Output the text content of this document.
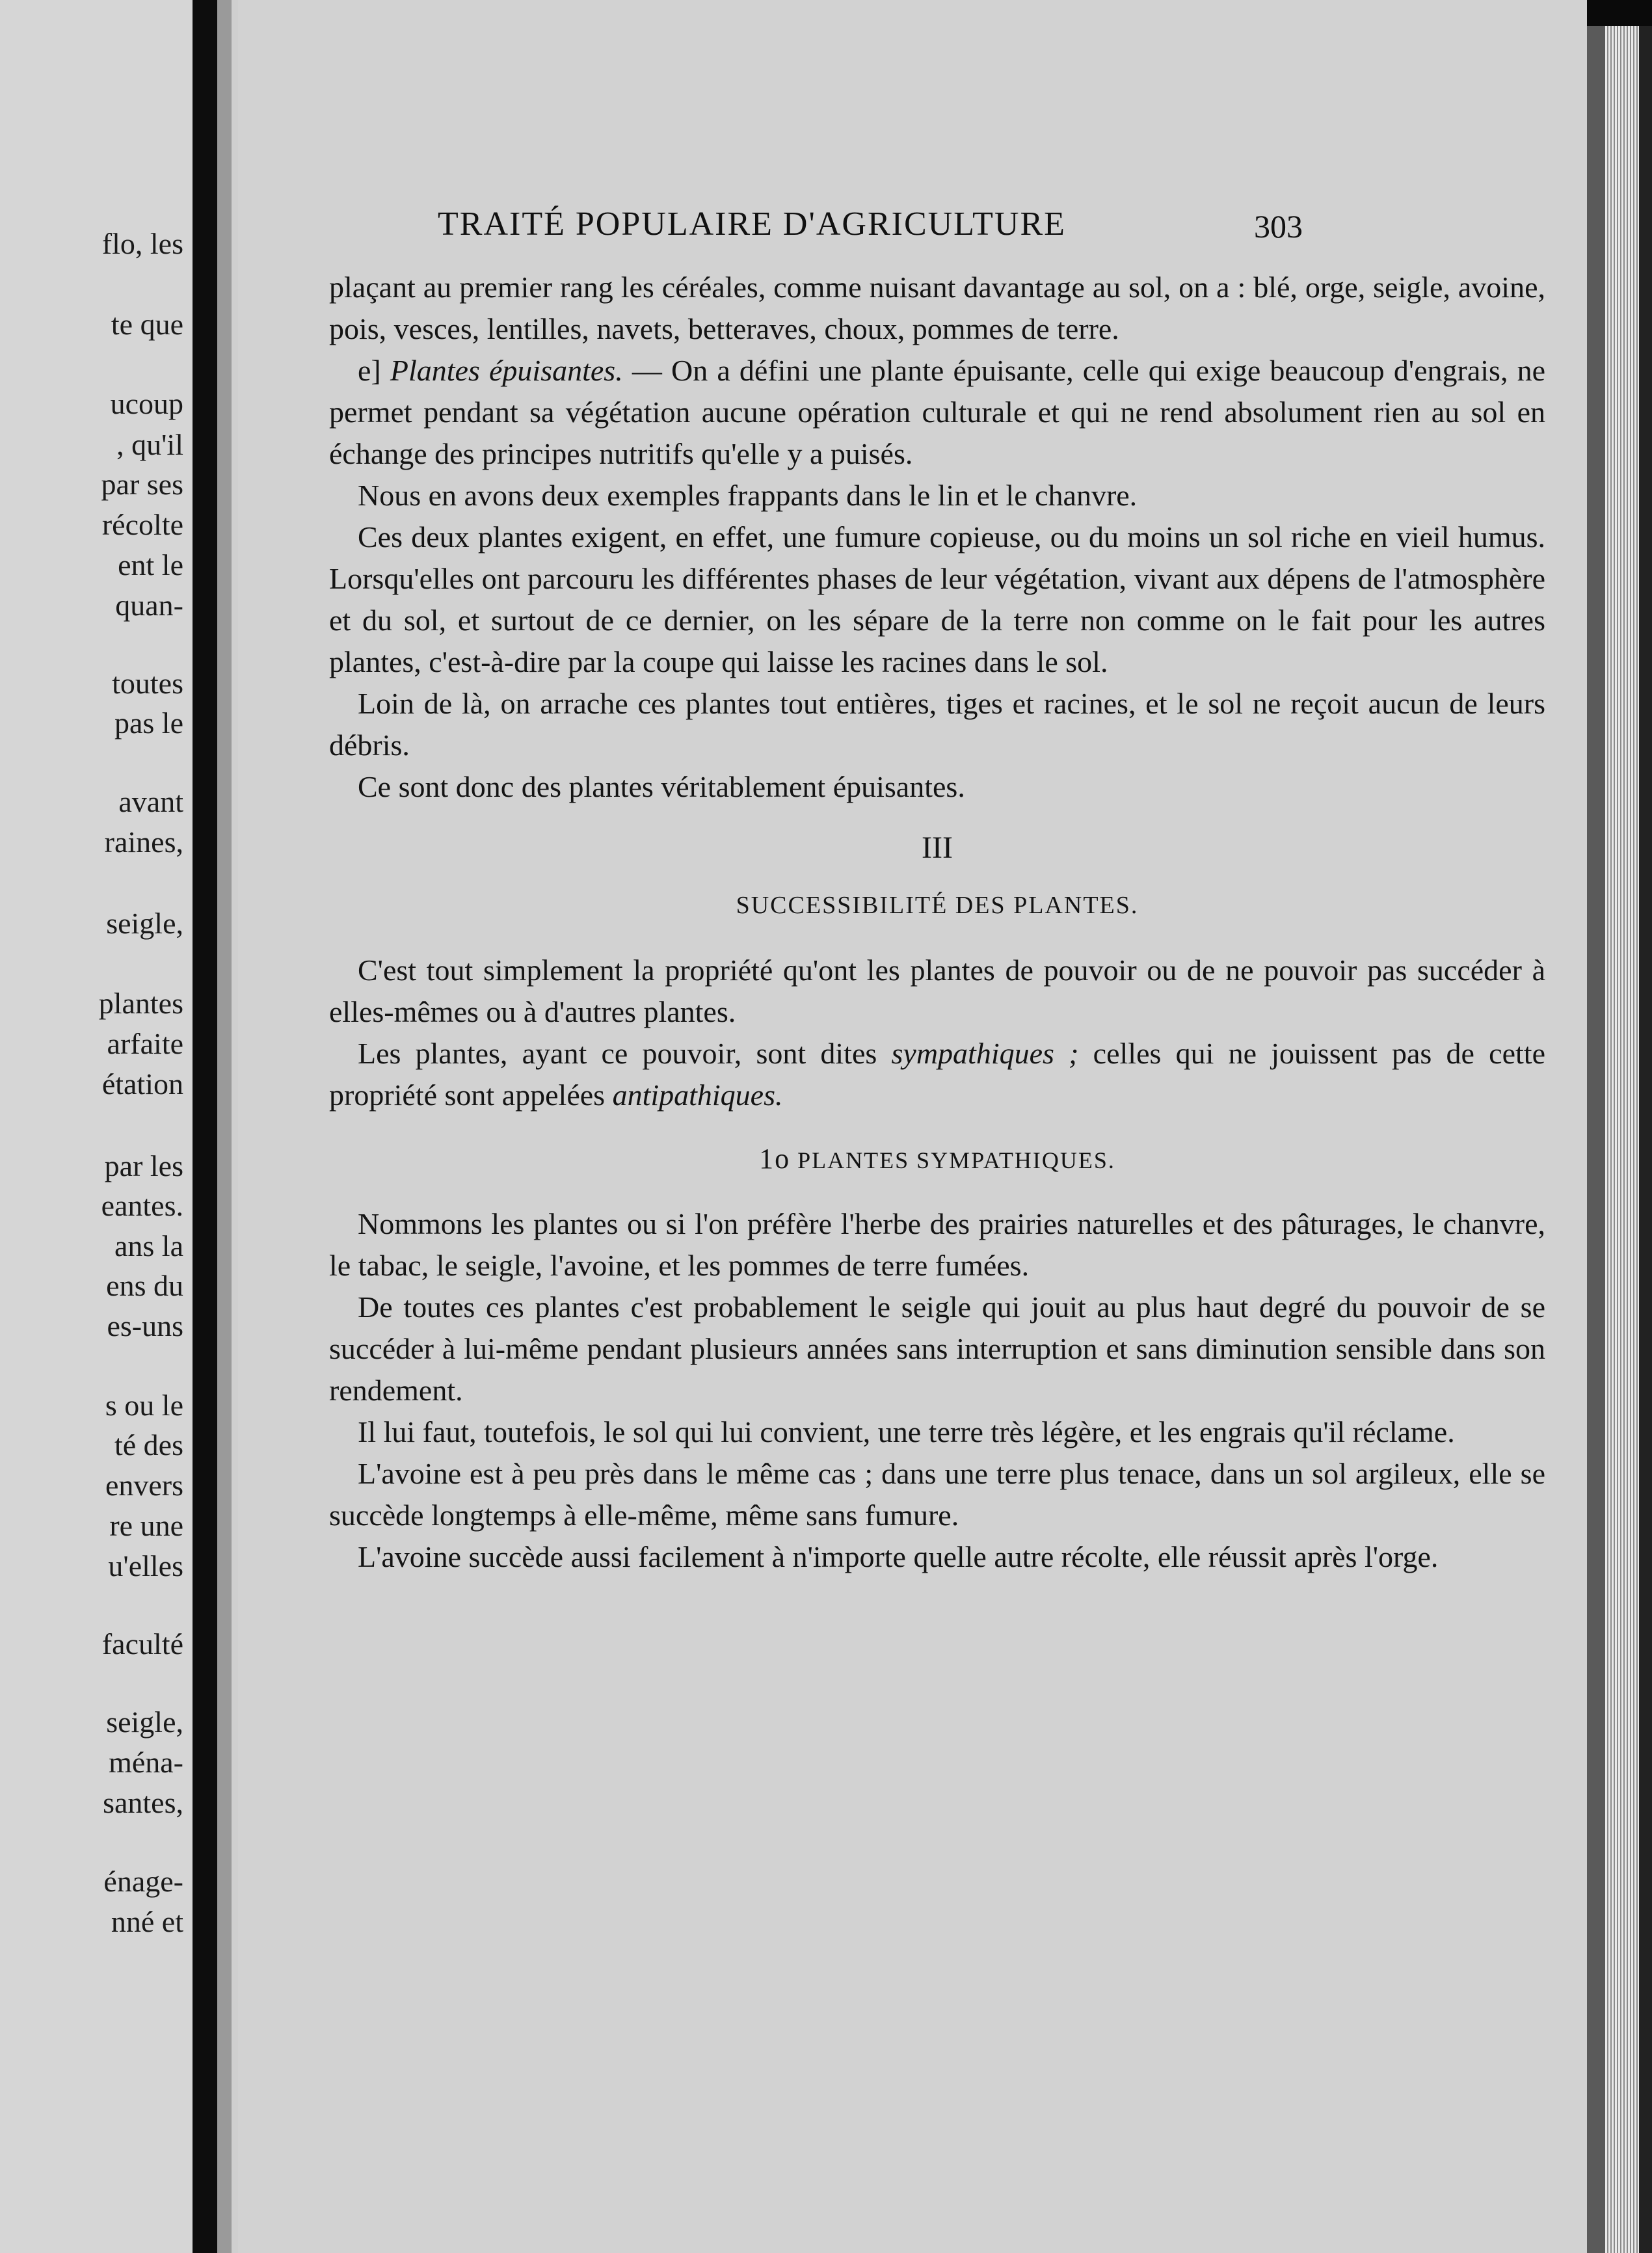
flo, les
te que
ucoup
, qu'il
par ses
récolte
ent le
quan-
toutes
pas le
avant
raines,
seigle,
plantes
arfaite
étation
par les
eantes.
ans la
ens du
es-uns
s ou le
té des
envers
re une
u'elles
faculté
seigle,
ména-
santes,
énage-
nné et
TRAITÉ POPULAIRE D'AGRICULTURE	303

plaçant au premier rang les céréales, comme nuisant davantage au sol, on a : blé, orge, seigle, avoine, pois, vesces, lentilles, navets, betteraves, choux, pommes de terre.

e] Plantes épuisantes. — On a défini une plante épuisante, celle qui exige beaucoup d'engrais, ne permet pendant sa végétation aucune opération culturale et qui ne rend absolument rien au sol en échange des principes nutritifs qu'elle y a puisés.

Nous en avons deux exemples frappants dans le lin et le chanvre.

Ces deux plantes exigent, en effet, une fumure copieuse, ou du moins un sol riche en vieil humus. Lorsqu'elles ont parcouru les différentes phases de leur végétation, vivant aux dépens de l'atmosphère et du sol, et surtout de ce dernier, on les sépare de la terre non comme on le fait pour les autres plantes, c'est-à-dire par la coupe qui laisse les racines dans le sol.

Loin de là, on arrache ces plantes tout entières, tiges et racines, et le sol ne reçoit aucun de leurs débris.

Ce sont donc des plantes véritablement épuisantes.

III
SUCCESSIBILITÉ DES PLANTES.

C'est tout simplement la propriété qu'ont les plantes de pouvoir ou de ne pouvoir pas succéder à elles-mêmes ou à d'autres plantes.

Les plantes, ayant ce pouvoir, sont dites sympathiques ; celles qui ne jouissent pas de cette propriété sont appelées antipathiques.

1o PLANTES SYMPATHIQUES.

Nommons les plantes ou si l'on préfère l'herbe des prairies naturelles et des pâturages, le chanvre, le tabac, le seigle, l'avoine, et les pommes de terre fumées.

De toutes ces plantes c'est probablement le seigle qui jouit au plus haut degré du pouvoir de se succéder à lui-même pendant plusieurs années sans interruption et sans diminution sensible dans son rendement.

Il lui faut, toutefois, le sol qui lui convient, une terre très légère, et les engrais qu'il réclame.

L'avoine est à peu près dans le même cas ; dans une terre plus tenace, dans un sol argileux, elle se succède longtemps à elle-même, même sans fumure.

L'avoine succède aussi facilement à n'importe quelle autre récolte, elle réussit après l'orge.
